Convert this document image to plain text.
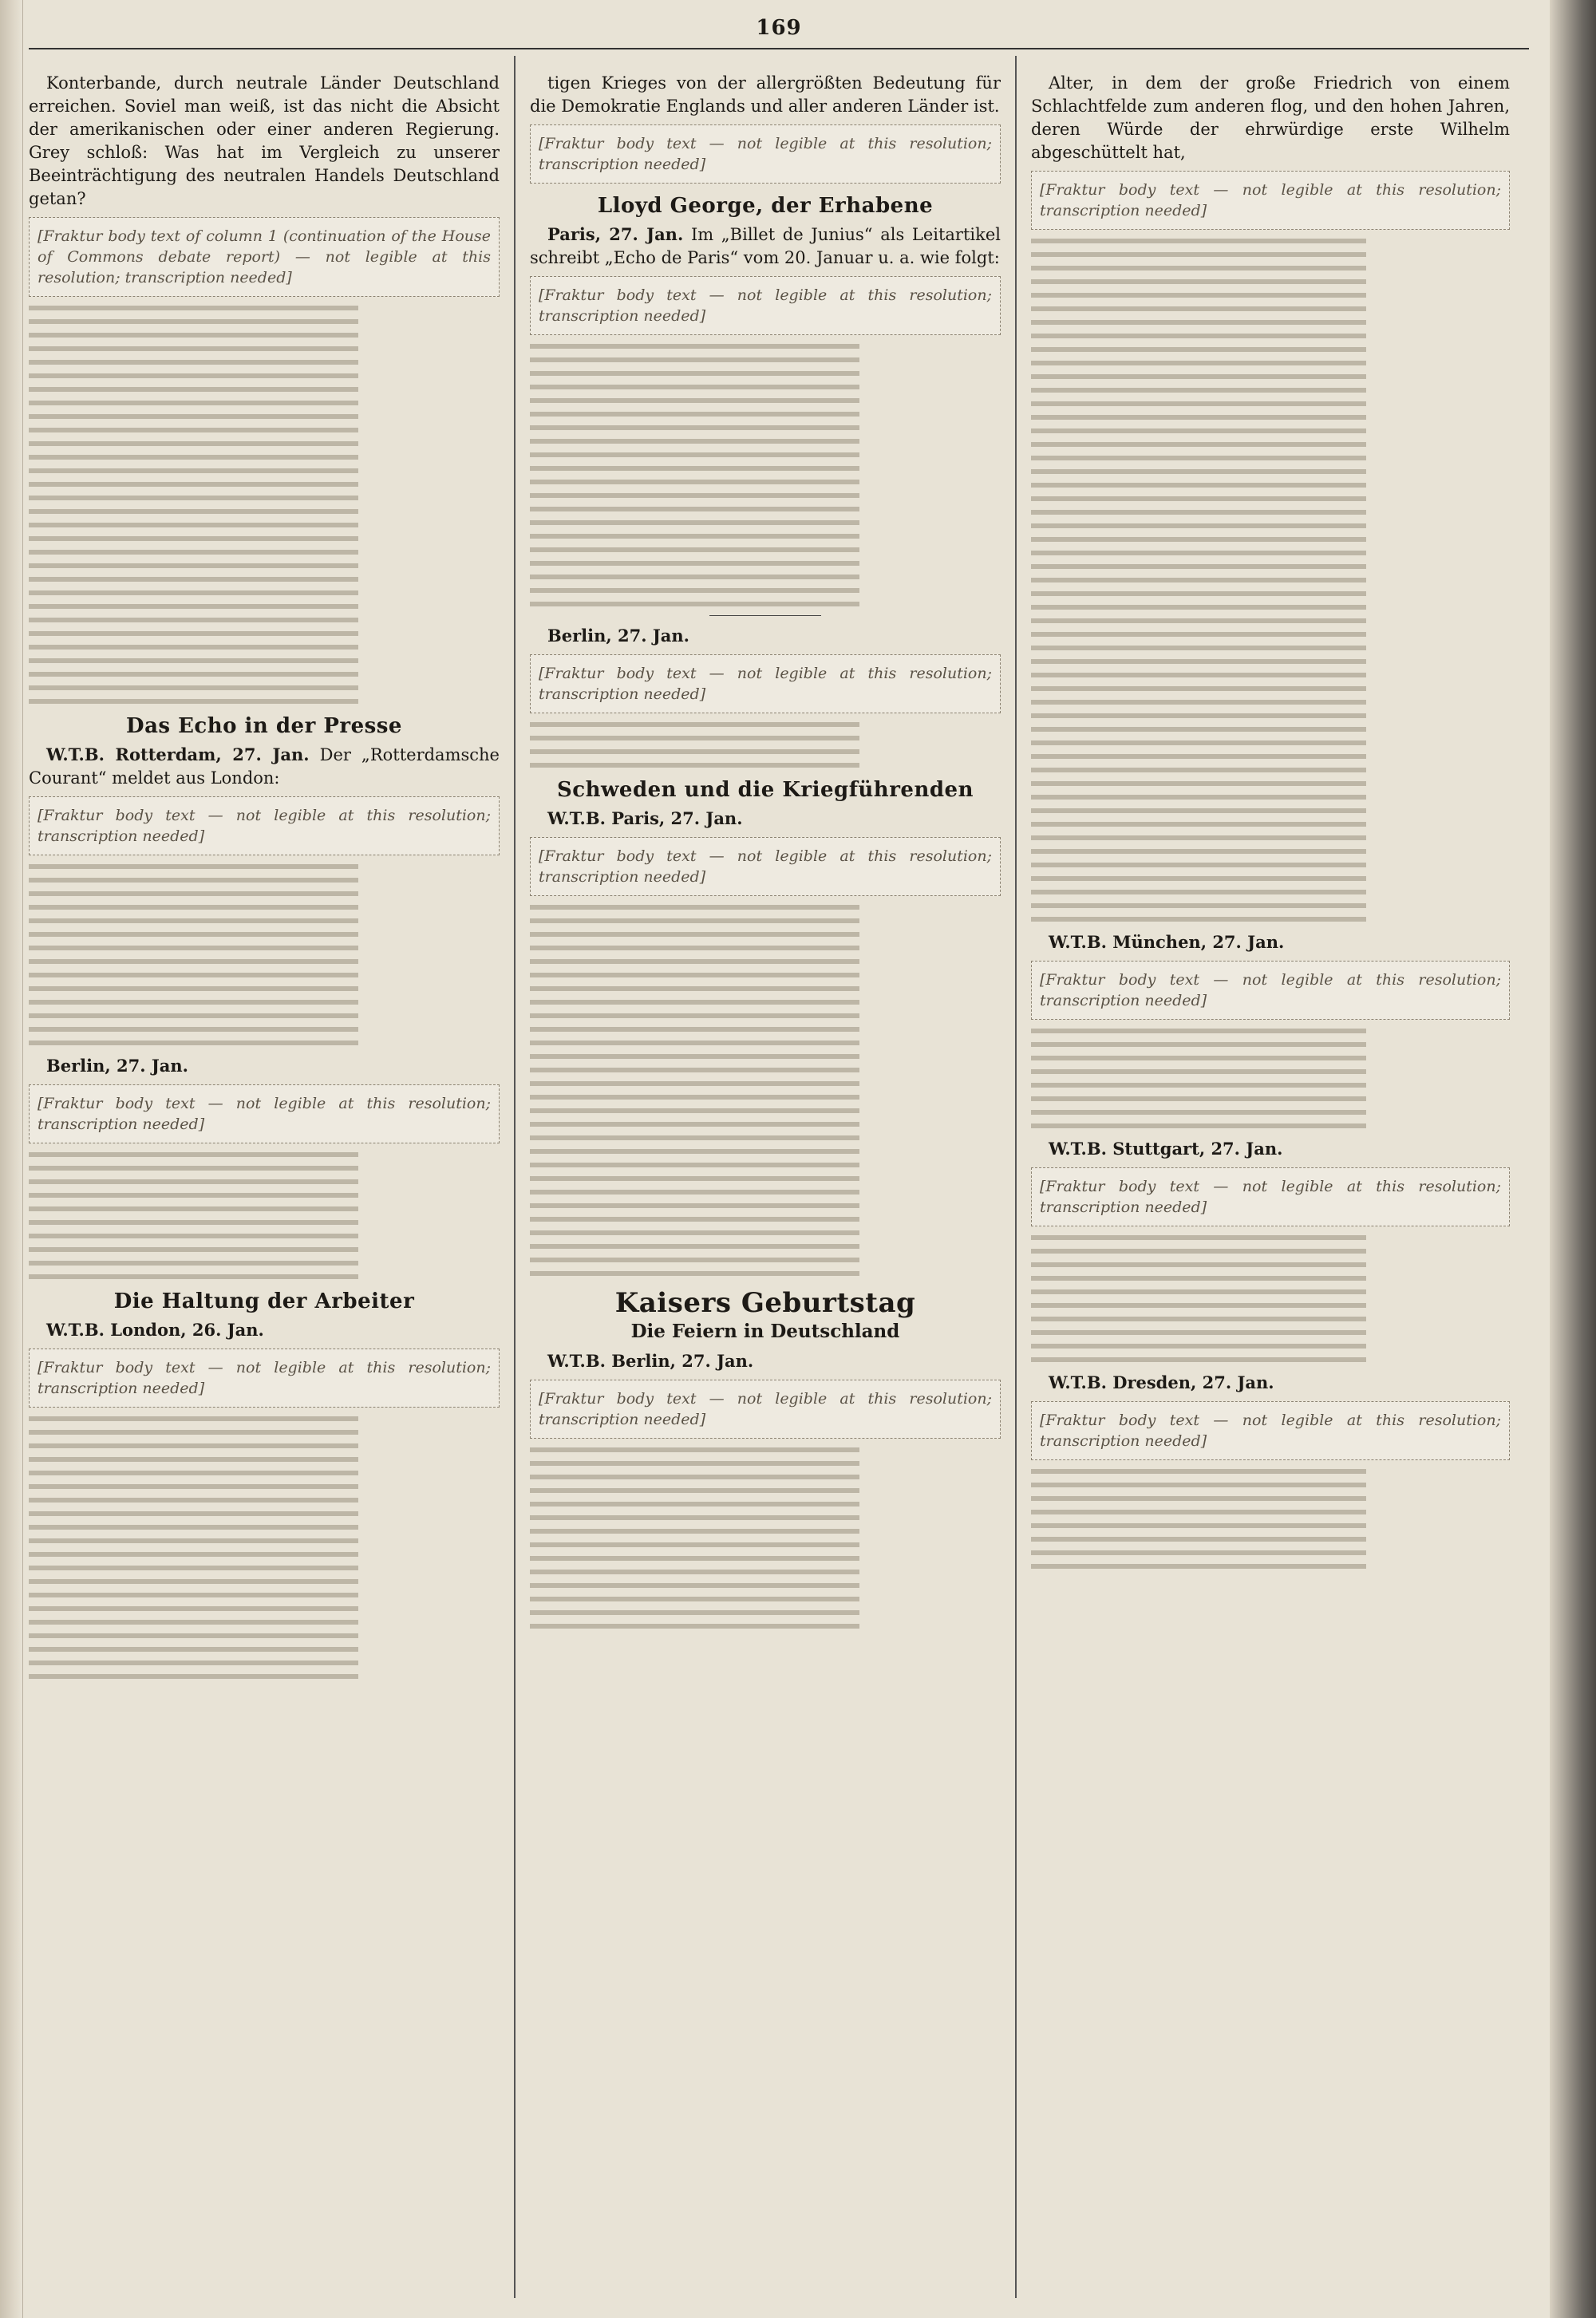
169

Konterbande, durch neutrale Länder Deutschland erreichen. Soviel man weiß, ist das nicht die Absicht der amerikanischen oder einer anderen Regierung. Grey schloß: Was hat im Vergleich zu unserer Beeinträchtigung des neutralen Handels Deutschland getan?

[Fraktur body text of column 1 (continuation of the House of Commons debate report) — not legible at this resolution; transcription needed]
Das Echo in der Presse

W.T.B. Rotterdam, 27. Jan. Der „Rotterdamsche Courant“ meldet aus London:

[Fraktur body text — not legible at this resolution; transcription needed]

Berlin, 27. Jan.

[Fraktur body text — not legible at this resolution; transcription needed]
Die Haltung der Arbeiter

W.T.B. London, 26. Jan.

[Fraktur body text — not legible at this resolution; transcription needed]

tigen Krieges von der allergrößten Bedeutung für die Demokratie Englands und aller anderen Länder ist.

[Fraktur body text — not legible at this resolution; transcription needed]
Lloyd George, der Erhabene

Paris, 27. Jan. Im „Billet de Junius“ als Leitartikel schreibt „Echo de Paris“ vom 20. Januar u. a. wie folgt:

[Fraktur body text — not legible at this resolution; transcription needed]

Berlin, 27. Jan.

[Fraktur body text — not legible at this resolution; transcription needed]
Schweden und die Kriegführenden

W.T.B. Paris, 27. Jan.

[Fraktur body text — not legible at this resolution; transcription needed]
Kaisers Geburtstag
Die Feiern in Deutschland

W.T.B. Berlin, 27. Jan.

[Fraktur body text — not legible at this resolution; transcription needed]

Alter, in dem der große Friedrich von einem Schlachtfelde zum anderen flog, und den hohen Jahren, deren Würde der ehrwürdige erste Wilhelm abgeschüttelt hat,

[Fraktur body text — not legible at this resolution; transcription needed]

W.T.B. München, 27. Jan.

[Fraktur body text — not legible at this resolution; transcription needed]

W.T.B. Stuttgart, 27. Jan.

[Fraktur body text — not legible at this resolution; transcription needed]

W.T.B. Dresden, 27. Jan.

[Fraktur body text — not legible at this resolution; transcription needed]
